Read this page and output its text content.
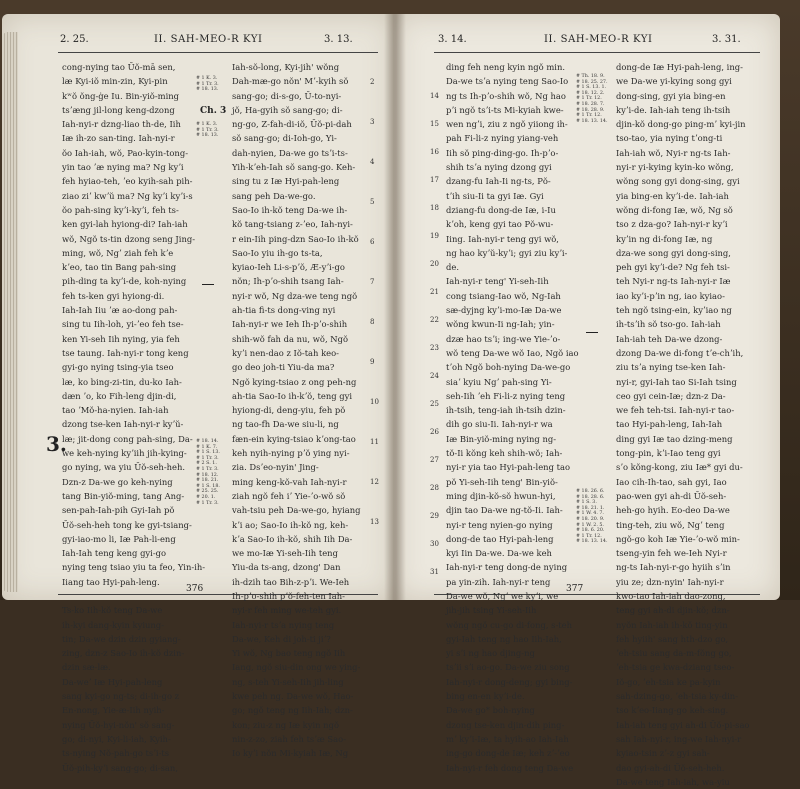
2. 25.	II. SAH-MEO-R KYI	3. 13.
cong-nying tao Ŭŏ-mā sen,
læ Kyi-iŏ min-zin, Kyi-pin
kʷŏ ŏng-ġe Iu. Bin-yiŏ-ming
tsʼæng jil-long keng-dzong
Iah-nyi-r dzng-liao th-de, Iih
Iæ ih-zo san-ting. Iah-nyi-r
ŏo Iah-iah, wŏ, Pao-kyin-tong-
yin tao ʼæ nying ma? Ng kyʼi
feh hyiao-teh, ʼeo kyih-sah pih-
ziao ziʼ kwʼŭ ma? Ng kyʼi kyʼi-s
ŏo pah-sing kyʼi-kyʼi, feh ts-
ken gyi-lah hyiong-di? Iah-iah
wŏ, Ngŏ ts-tin dzong seng Jing-
ming, wŏ, Ngʼ ziah feh kʼe
kʼeo, tao tin Bang pah-sing
pih-ding ta kyʼi-de, koh-nying
feh ts-ken gyi hyiong-di.
Iah-Iah Iiu ʼæ ao-dong pah-
sing tu Iih-loh, yi-ʼeo feh tse-
ken Yi-seh Iih nying, yia feh
tse taung. Iah-nyi-r tong keng
gyi-go nying tsing-yia tseo
læ, ko bing-zi-tin, du-ko Iah-
dæn ʼo, ko Fih-leng djin-di,
tao ʼMŏ-ha-nyien. Iah-iah
dzong tse-ken Iah-nyi-r kyʼŭ-
læ; jit-dong cong pah-sing, Da-
we keh-nying kyʼiih jih-kying-
go nying, wa yiu Ŭŏ-seh-heh.
Dzn-z Da-we go keh-nying
tang Bin-yiŏ-ming, tang Ang-
sen-pah-Iah-pih Gyi-Iah pŏ
Ŭŏ-seh-heh tong ke gyi-tsiang-
gyi-iao-mo li, Iæ Pah-li-eng
Iah-Iah teng keng gyi-go
nying teng tsiao yiu ta feo, Yin-ih-
Iiang tao Hyi-pah-leng.
Ts-ko Iih-kŏ teng Da-we
ih-kyi dang-kyin kyiung-
tin; Da-we dzin dzin gyiang-
zing, dzn-z Sao-Io ih-kŏ dzin-
dzin sæ-læ.
Da-weʼ Iæ Hyi-pah-leng
sang kyi-go ng-ts; di-ih-go z
En-nong, Yie-æ-Iih nyih-
nying Ŭŏ-hyi-nŏn' sŏ sang-
go; di-nyi, Kyi-li-iah, Kyih-
ts-nying Nŏ-pah-go tsʼi-ts
Ŭŏ-pih-kyʼi sang-go; di-san,
# 1 K. 3.
# 1 Tr. 3.
# 18. 13.
Ch. 3
# 1 K. 3.
# 1 Tr. 3.
# 18. 13.
# 18. 14.
# 1 K. 7.
# 1 S. 13.
# 1 Tr. 3.
# 2 S. 1.
# 1 Tr. 3.
# 18. 12.
# 18. 21.
# 1 S. 18.
# 25. 25.
# 20. 1.
# 1 Tr. 3.
3.
Iah-sŏ-long, Kyi-jih' wŏng
Dah-mæ-go nŏn' Mʼ-kyih sŏ
sang-go; di-s-go, Ŭ-to-nyi-
jŏ, Ha-gyih sŏ sang-go; di-
ng-go, Z-fah-di-iŏ, Ŭŏ-pi-dah
sŏ sang-go; di-Ioh-go, Yi-
dah-nyien, Da-we go tsʼi-ts-
Yih-kʼeh-Iah sŏ sang-go. Keh-
sing tu z Iæ Hyi-pah-leng
sang peh Da-we-go.
Sao-Io ih-kŏ teng Da-we ih-
kŏ tang-tsiang z-ʼeo, Iah-nyi-
r ein-Iih ping-dzn Sao-Io ih-kŏ
Sao-Io yiu ih-go ts-ta,
kyiao-Ieh Li-s-pʼŏ, Æ-yʼi-go
nŏn; Ih-pʼo-shih tsang Iah-
nyi-r wŏ, Ng dza-we teng ngŏ
ah-tia fi-ts dong-ving nyi
Iah-nyi-r we Ieh Ih-pʼo-shih
shih-wŏ fah da nu, wŏ, Ngŏ
kyʼi nen-dao z Iŏ-tah keo-
go deo joh-ti Yiu-da ma?
Ngŏ kying-tsiao z ong peh-ng
ah-tia Sao-Io ih-kʼŏ, teng gyi
hyiong-di, deng-yiu, feh pŏ
ng tao-fh Da-we siu-li, ng
fæn-ein kying-tsiao kʼong-tao
keh nyih-nying pʼŏ ying nyi-
zia. Dsʼeo-nyin' Jing-
ming keng-kŏ-vah Iah-nyi-r
ziah ngŏ feh iʼ Yie-ʼo-wŏ sŏ
vah-tsiu peh Da-we-go, hyiang
kʼi ao; Sao-Io ih-kŏ ng, keh-
kʼa Sao-Io ih-kŏ, shih Iih Da-
we mo-Iæ Yi-seh-Iih teng
Yiu-da ts-ang, dzong' Dan
ih-dzih tao Bih-z-pʼi. We-Ieh
Ih-pʼo-shih pʼŏ-feh-ten Iah-
nyi-r feh ming we-teh gyi.
Iah-nyi-r tsʼa nying teng
Da-we, Keh di joh-ti jiʼ?
Yi wŏ, Ng bao teng ngŏ Iih
Iang, ngŏ siu-din ong we ying-
ng, s-teh Yi-seh-Iih jih-ling
kwe peh ng. Da-we wŏ, Hao-
go; ngŏ teng ng Iih-Iah; dzn-
kon; ziu-z ng Iæ kyin ngŏ
nin-z-zo, ziah feh tsʼæ Sao-
Io kyʼi nŏn Mi-kyiah Iæ, Ng
2
3
4
5
6
7
8
9
10
11
12
13
376
3. 14.	II. SAH-MEO-R KYI	3. 31.
14
15
16
17
18
19
20
21
22
23
24
25
26
27
28
29
30
31
ding feh neng kyin ngŏ min.
Da-we tsʼa nying teng Sao-Io
ng ts Ih-pʼo-shih wŏ, Ng hao
pʼi ngŏ tsʼi-ts Mi-kyiah kwe-
wen ngʼi, ziu z ngŏ yiiong ih-
pah Fi-li-z nying yiang-veh
Iih sŏ ping-ding-go. Ih-pʼo-
shih tsʼa nying dzong gyi
dzang-fu Iah-Ii ng-ts, Pŏ-
tʼih siu-Ii ta gyi Iæ. Gyi
dziang-fu dong-de Iæ, i-Iu
kʼoh, keng gyi tao Pŏ-wu-
Iing. Iah-nyi-r teng gyi wŏ,
ng hao kyʼŭ-kyʼi; gyi ziu kyʼi-
de.
Iah-nyi-r teng' Yi-seh-Iih
cong tsiang-Iao wŏ, Ng-Iah
sæ-dyjng kyʼi-mo-Iæ Da-we
wŏng kwun-Ii ng-Iah; yin-
dzæ hao tsʼi; ing-we Yie-ʼo-
wŏ teng Da-we wŏ Iao, Ngŏ iao
tʼoh Ngŏ boh-nying Da-we-go
siaʼ kyiu Ngʼ pah-sing Yi-
seh-Iih ʼeh Fi-li-z nying teng
ih-tsih, teng-iah ih-tsih dzin-
dih go siu-Ii. Iah-nyi-r wa
Iæ Bin-yiŏ-ming nying ng-
tŏ-Ii kŏng keh shih-wŏ; Iah-
nyi-r yia tao Hyi-pah-leng tao
pŏ Yi-seh-Iih teng' Bin-yiŏ-
ming djin-kŏ-sŏ hwun-hyi,
djin tao Da-we ng-tŏ-Ii. Iah-
nyi-r teng nyien-go nying
dong-de tao Hyi-pah-leng
kyi Iin Da-we. Da-we keh
Iah-nyi-r teng dong-de nying
pa yin-zih. Iah-nyi-r teng
Da-we wŏ, Ngʼ we kyʼi, we
jih-jih tsing Yi-seh-Iih
wŏng ngŏ cu-go di-fong, s-teh
gyi-Iah teng ng hao Iih-Iah,
yi sʼi ng hao djing-ng
tsʼii sʼi ao-go. Da-we ziu song
Iah-nyi-r dong-deng; gyi bing-
bing en-en kyʼi-de.
Da-we go* boh-nying
dzong tse-ken djin-dih ping-
mʼ kyʼi-Iæ, ta hyih-ao Iah-Iah
ing-go dong-de Iæ; keh zʼ-ʼeo
Iah-nyi-r feh dong teng Da-we
# Th. 18. 9.
# 18. 25. 27.
# 1 S. 13. 1.
# 18. 12. 2.
# 1 Tr. 12.
# 18. 28. 7.
# 18. 28. 9.
# 1 Tr. 12.
# 18. 13. 14.
# 18. 26. 6.
# 18. 28. 6.
# 1 S. 3.
# 18. 21. 1.
# 1 W. 4. 7.
# 18. 20. 9.
# 1 W. 2. 5.
# 18. 6. 20.
# 1 Tr. 12.
# 18. 13. 14.
dong-de Iæ Hyi-pah-leng, ing-
we Da-we yi-kying song gyi
dong-sing, gyi yia bing-en
kyʼi-de. Iah-iah teng ih-tsih
djin-kŏ dong-go ping-mʼ kyi-jin
tso-tao, yia nying tʼong-ti
Iah-iah wŏ, Nyi-r ng-ts Iah-
nyi-r yi-kying kyin-ko wŏng,
wŏng song gyi dong-sing, gyi
yia bing-en kyʼi-de. Iah-iah
wŏng di-fong Iæ, wŏ, Ng sŏ
tso z dza-go? Iah-nyi-r kyʼi
kyʼin ng di-fong Iæ, ng
dza-we song gyi dong-sing,
peh gyi kyʼi-de? Ng feh tsi-
teh Nyi-r ng-ts Iah-nyi-r Iæ
iao kyʼi-pʼin ng, iao kyiao-
teh ngŏ tsing-ein, kyʼiao ng
ih-tsʼih sŏ tso-go. Iah-iah
Iah-iah teh Da-we dzong-
dzong Da-we di-fong tʼe-chʼih,
ziu tsʼa nying tse-ken Iah-
nyi-r, gyi-Iah tao Si-Iah tsing
ceo gyi cein-Iæ; dzn-z Da-
we feh teh-tsi. Iah-nyi-r tao-
tao Hyi-pah-leng, Iah-Iah
ding gyi Iæ tao dzing-meng
tong-pin, kʼi-Iao teng gyi
sʼo kŏng-kong, ziu Iæ* gyi du-
Iao cih-Ih-tao, sah gyi, Iao
pao-wen gyi ah-di Ŭŏ-seh-
heh-go hyih. Eo-deo Da-we
ting-teh, ziu wŏ, Ngʼ teng
ngŏ-go koh Iæ Yie-ʼo-wŏ min-
tseng-yin feh we-Ieh Nyi-r
ng-ts Iah-nyi-r-go hyiih sʼin
yiu ze; dzn-nyin' Iah-nyi-r
kwo-tao Iah-iah dao-zong,
teng gyi ah-di djin-kŏ; dzn-
nyŏn Iah-iah ih-kŏ ting-yin
feh hyiih' sang hth-dzo go,
ʼeh-tsiu sang da-m-fŏng go,
ʼeh-tsia ge kwa-dziang tseo-
Iŏ-go, ʼeh-tsia ke pa-kyin
sah-dzing-go, ʼeh-tsia ky-din-
tso kʼeo-Iiang-go keh-sing.
Iah-iah teng gyi ah-di Ŭŏ-pi-sao
sah Iah-nyi-r, ing-we Iah-nyi-r
kyiao-tsin zʼ-z gyi sah-
dao gyi-ah-di Ŭŏ-seh-heh.
Da-we teng Iah-iah, wa-yiu
377
